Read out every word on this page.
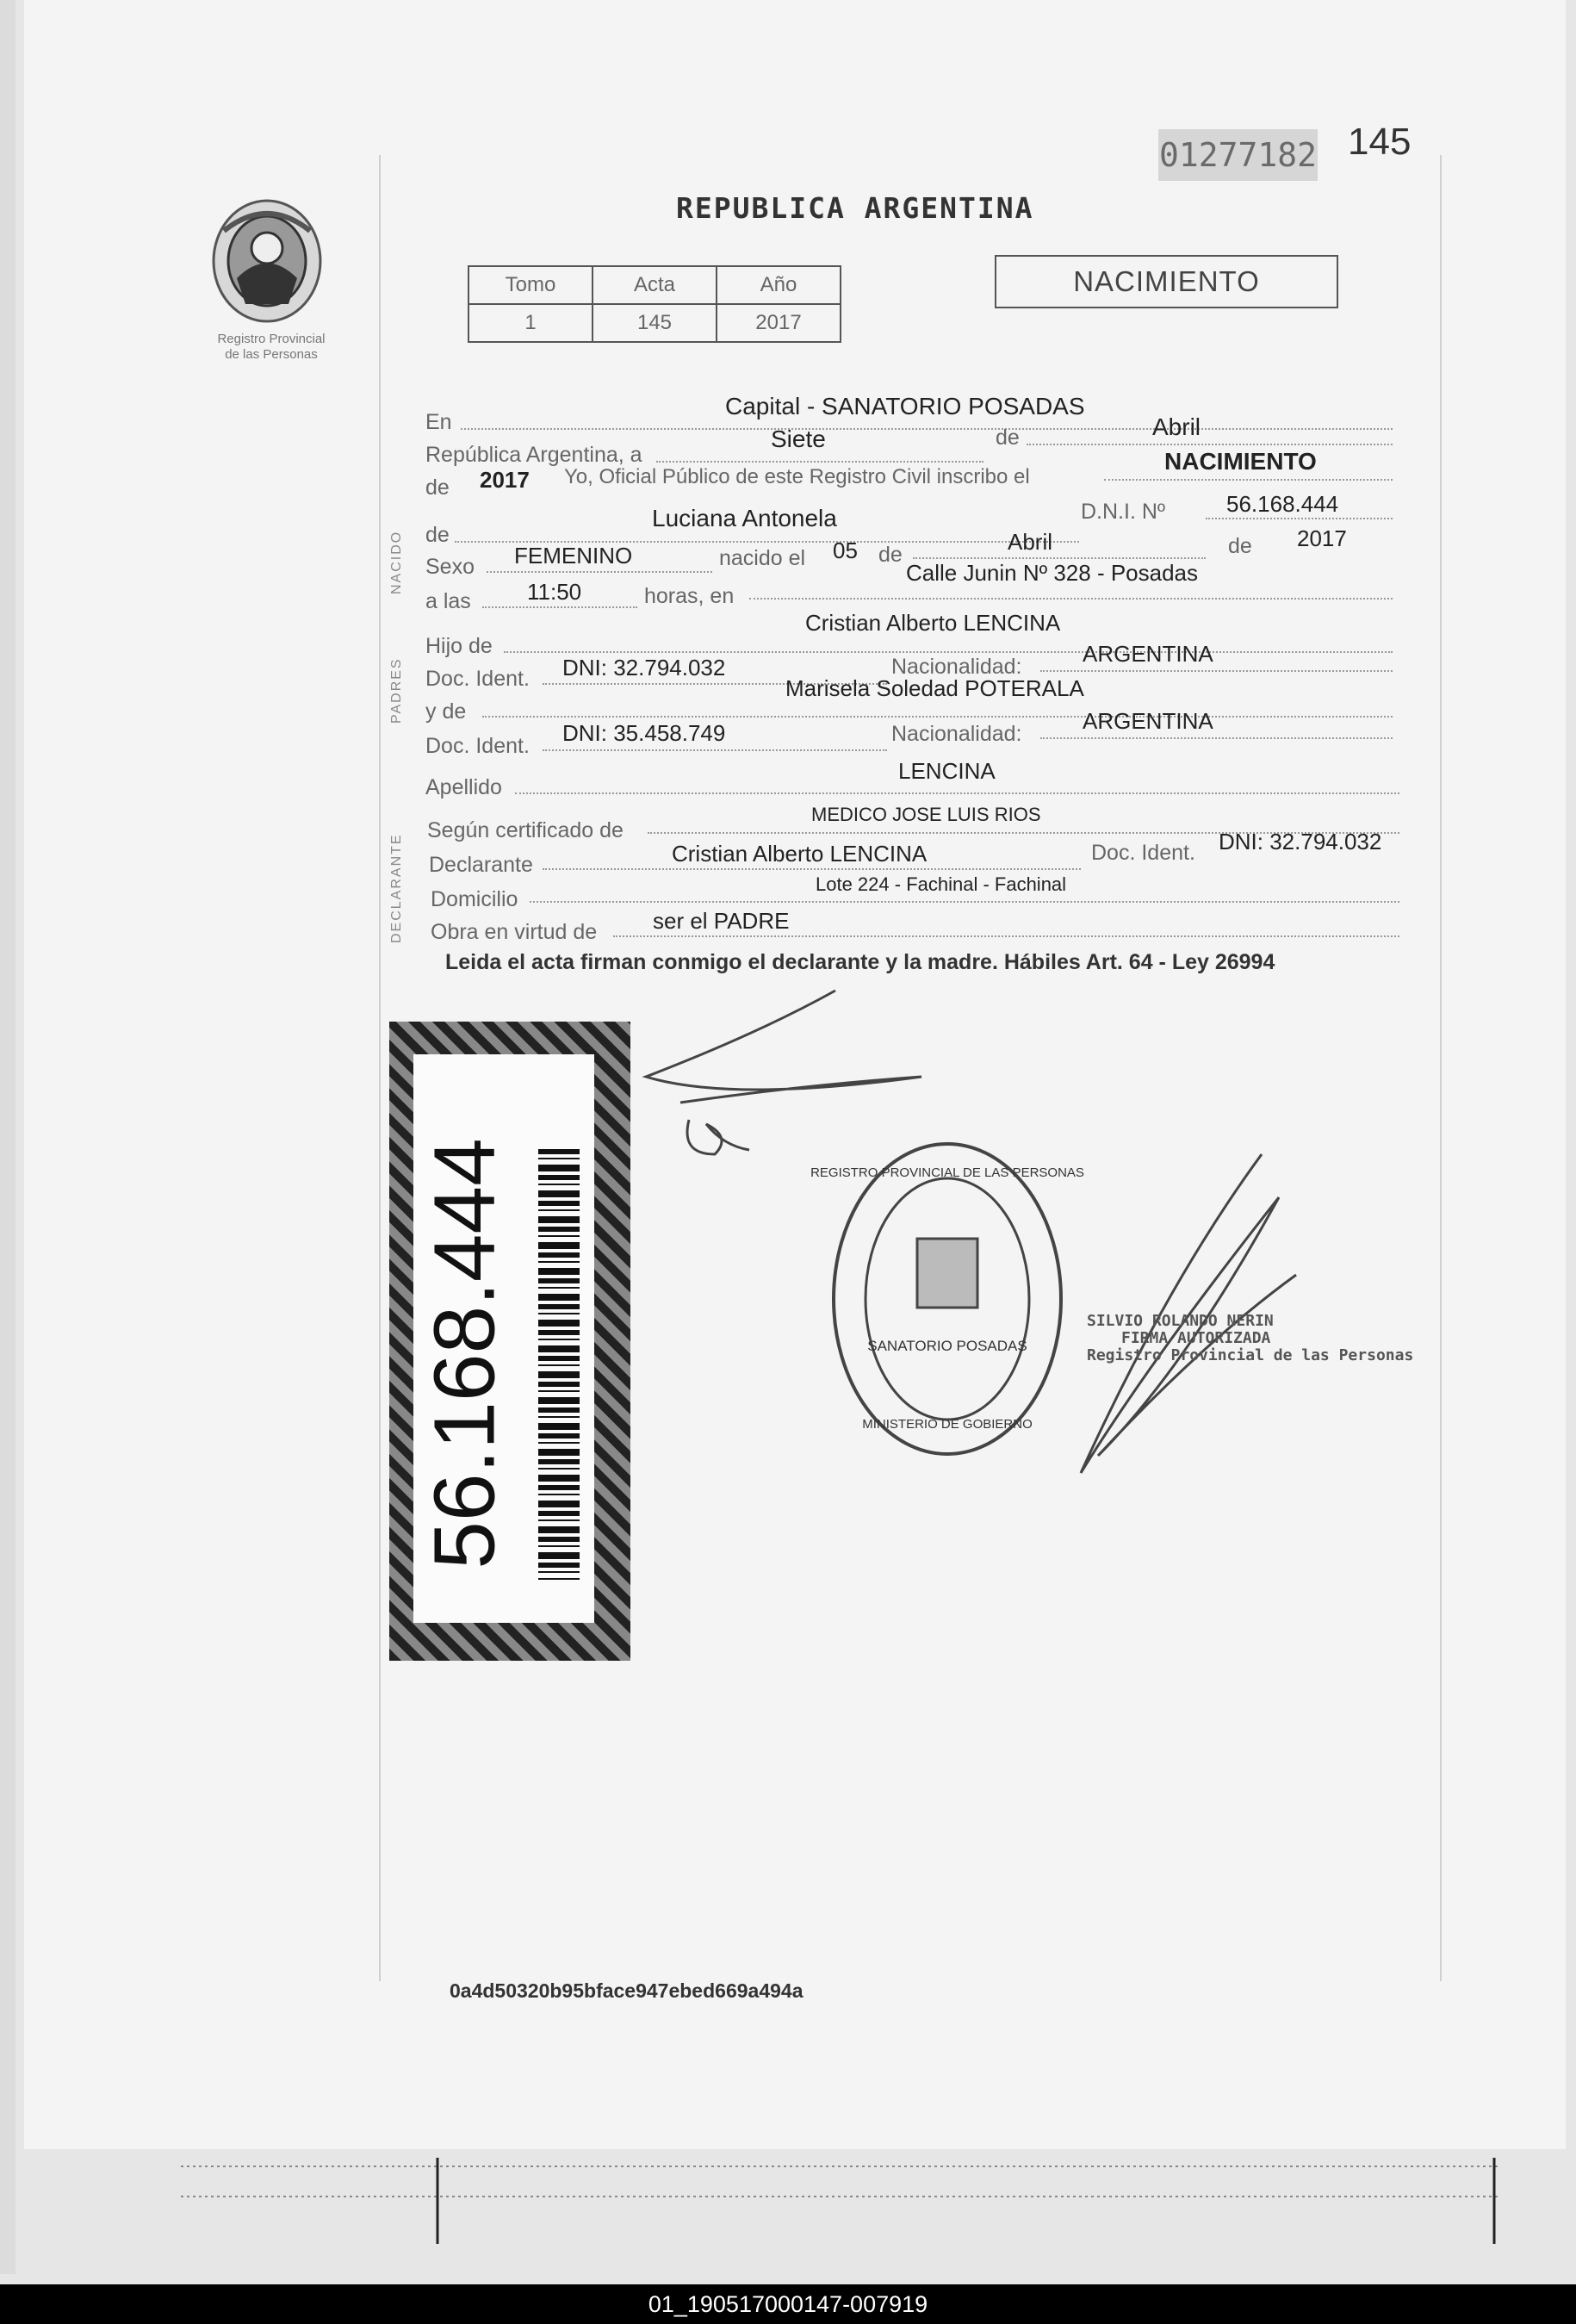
Registro Provincial
de las Personas
01277182 145
REPUBLICA ARGENTINA
Tomo	Acta	Año
1	145	2017
NACIMIENTO
NACIDO
PADRES
DECLARANTE
En
Capital - SANATORIO POSADAS
República Argentina, a
Siete	de	Abril
de 2017 Yo, Oficial Público de este Registro Civil inscribo el
NACIMIENTO
de
Luciana Antonela	D.N.I. Nº	56.168.444
Sexo FEMENINO	nacido el 05 de	Abril	de 2017
a las	11:50	horas, en
Calle Junin Nº 328 - Posadas
Hijo de
Cristian Alberto LENCINA
Doc. Ident. DNI: 32.794.032	Nacionalidad:	ARGENTINA
y de
Marisela Soledad POTERALA
Doc. Ident. DNI: 35.458.749	Nacionalidad:	ARGENTINA
Apellido
LENCINA
Según certificado de
MEDICO JOSE LUIS RIOS
Declarante	Cristian Alberto LENCINA	Doc. Ident. DNI: 32.794.032
Domicilio
Lote 224 - Fachinal - Fachinal
Obra en virtud de ser el PADRE
Leida el acta firman conmigo el declarante y la madre. Hábiles Art. 64 - Ley 26994
56.168.444	REGISTRO PROVINCIAL DE LAS PERSONAS
SANATORIO POSADAS
MINISTERIO DE GOBIERNO
SILVIO ROLANDO NERIN
FIRMA AUTORIZADA
Registro Provincial de las Personas
0a4d50320b95bface947ebed669a494a
01_190517000147-007919
